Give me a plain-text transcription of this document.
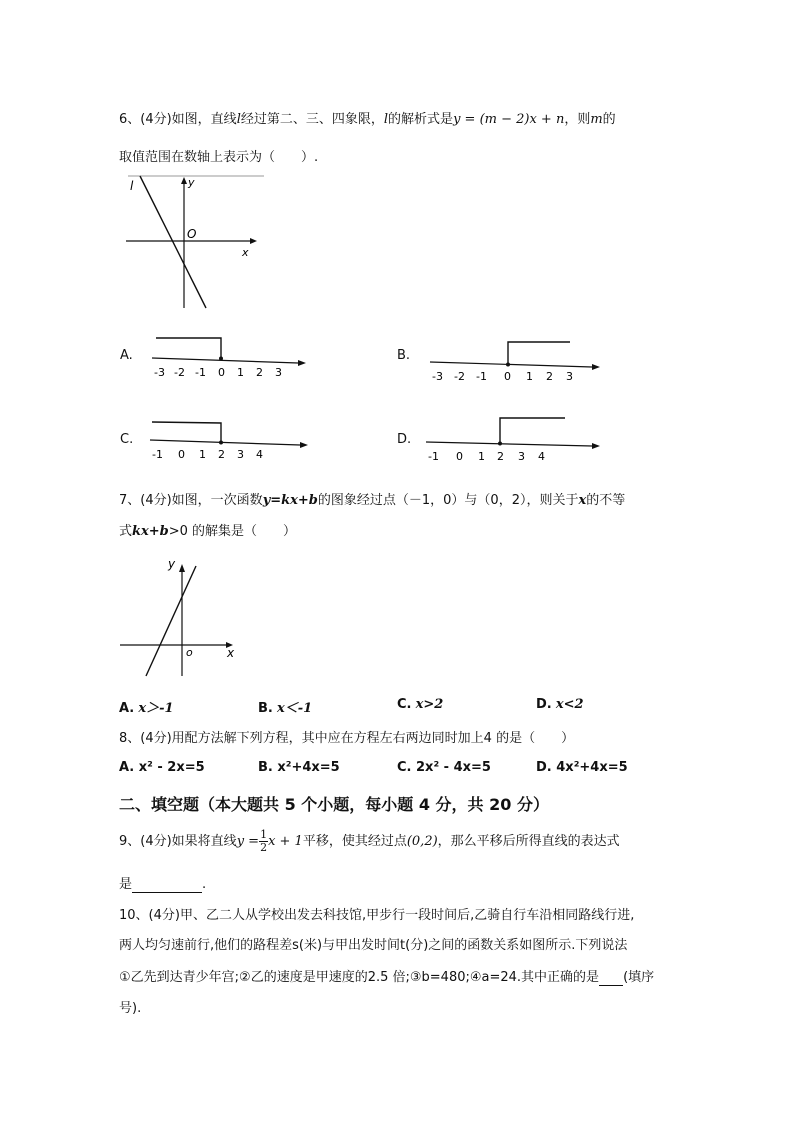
6、(4分)如图，直线l经过第二、三、四象限，l的解析式是y = (m − 2)x + n，则m的
取值范围在数轴上表示为（　　）.
l	y
O
x
A.
-3 -2 -1 0 1 2 3
B.
-3 -2 -1 0 1 2 3
C.
-1 0 1 2 3 4
D.
-1 0 1 2 3 4
7、(4分)如图，一次函数y=kx+b的图象经过点（－1，0）与（0，2），则关于x的不等
式kx+b>0 的解集是（　　）
y
o	x
A. x＞-1	B. x＜-1	C. x>2	D. x<2
8、(4分)用配方法解下列方程，其中应在方程左右两边同时加上4 的是（　　）
A. x² - 2x=5	B. x²+4x=5	C. 2x² - 4x=5	D. 4x²+4x=5
二、填空题（本大题共 5 个小题，每小题 4 分，共 20 分）
9、(4分)如果将直线$y = \frac{1}{2}$ x + 1平移，使其经过点(0,2)，那么平移后所得直线的表达式
是	.
10、(4分)甲、乙二人从学校出发去科技馆,甲步行一段时间后,乙骑自行车沿相同路线行进,
两人均匀速前行,他们的路程差s(米)与甲出发时间t(分)之间的函数关系如图所示.下列说法
①乙先到达青少年宫;②乙的速度是甲速度的2.5 倍;③b=480;④a=24.其中正确的是 (填序
号).
